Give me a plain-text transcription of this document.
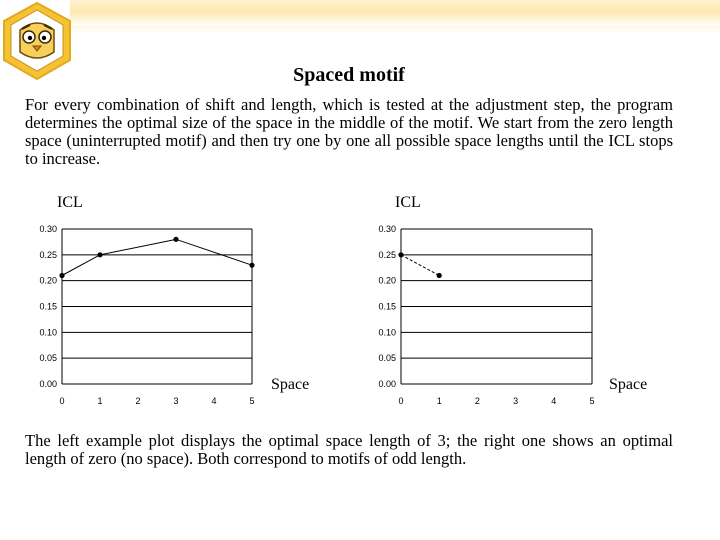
Spaced motif
For every combination of shift and length, which is tested at the adjustment step, the program determines the optimal size of the space in the middle of the motif. We start from the zero length space (uninterrupted motif) and then try one by one all possible space lengths until the ICL stops to increase.
0.00
0.05
0.10
0.15
0.20
0.25
0.30
0	1	2	3	4	5
ICL
Space	0.00
0.05
0.10
0.15
0.20
0.25
0.30
0	1	2	3	4	5
ICL
Space
The left example plot displays the optimal space length of 3; the right one shows an optimal length of zero (no space). Both correspond to motifs of odd length.
